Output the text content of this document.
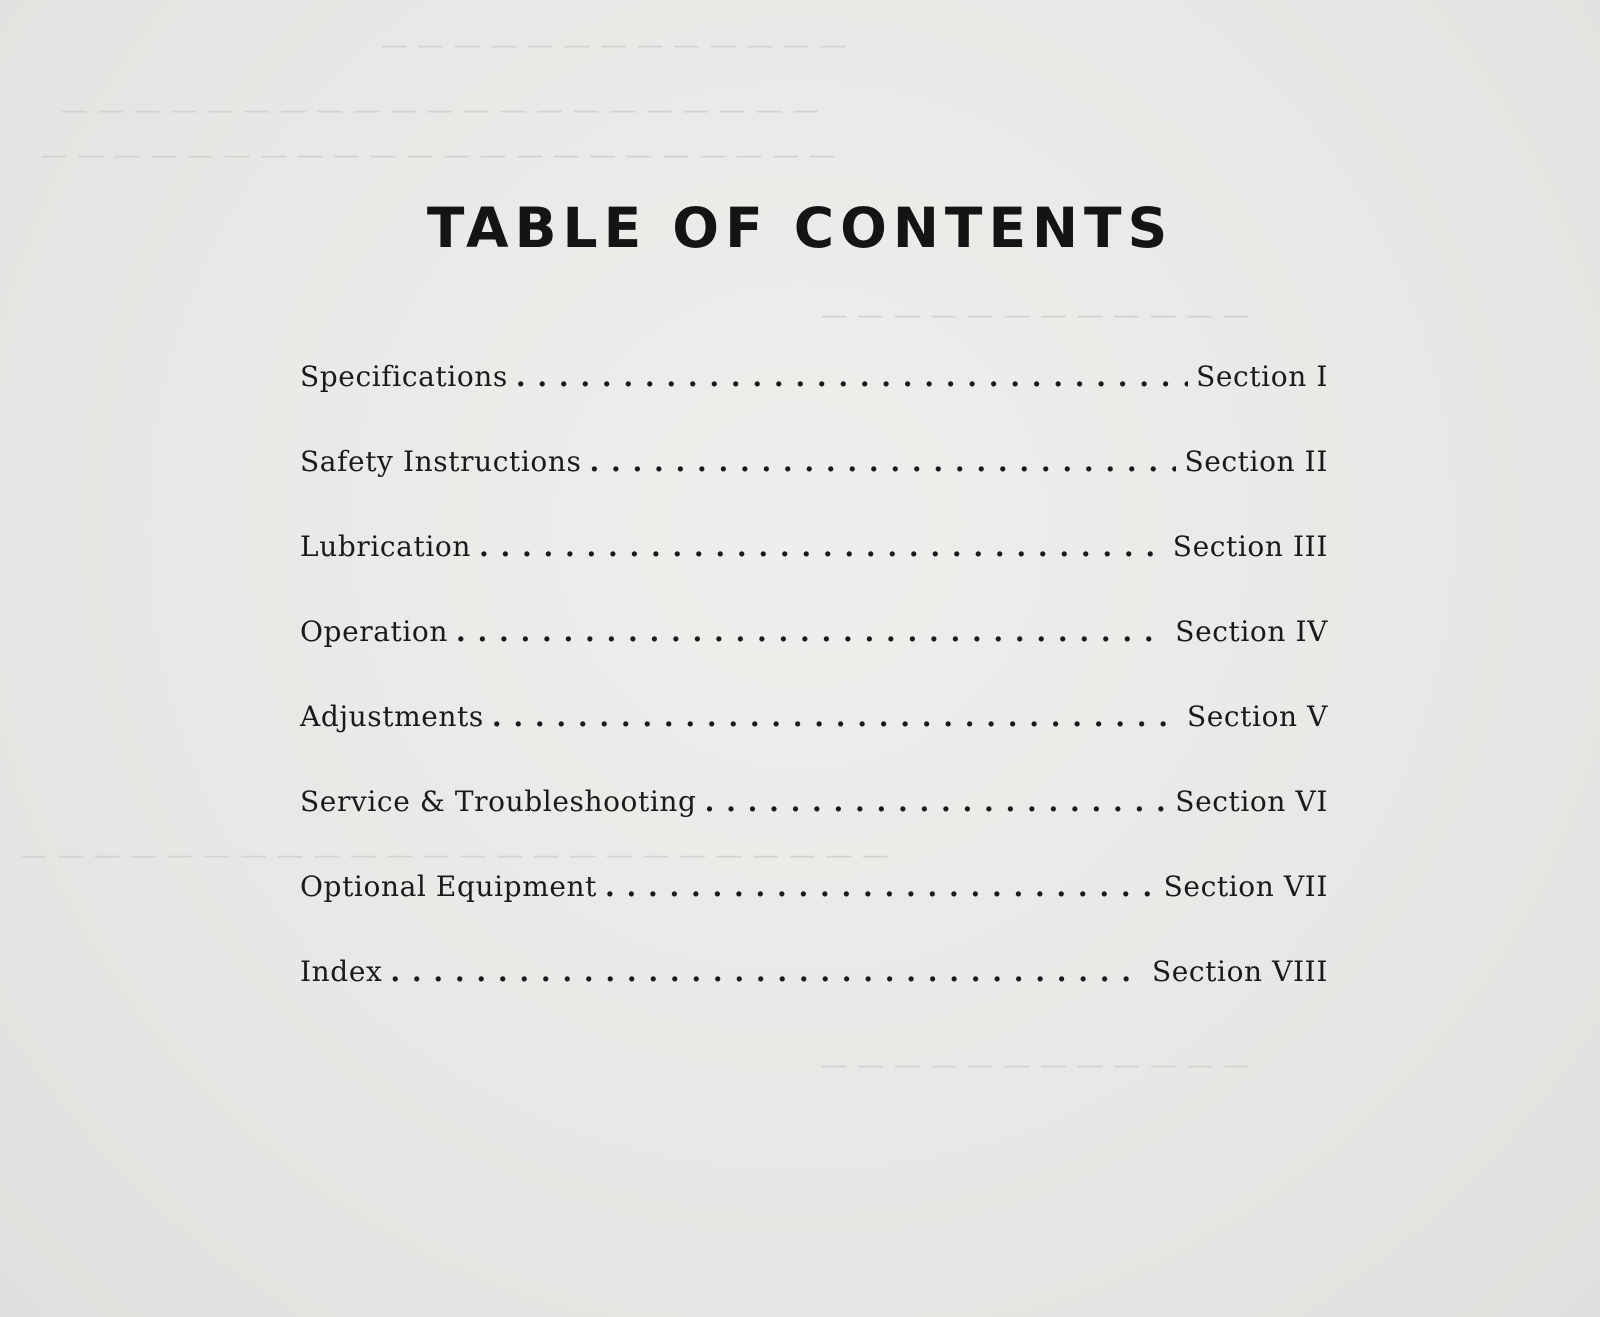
— — — — — — — — — — — — —
— — — — — — — — — — — — — — — — — — — — —
— — — — — — — — — — — — — — — — — — — — — —
— — — — — — — — — — — —
— — — — — — — — — — — — — — — — — — — — — — — —
— — — — — — — — — — — —
TABLE OF CONTENTS
Specifications . . .	Section I
Safety Instructions . . .	Section II
Lubrication . . .	Section III
Operation . . .	Section IV
Adjustments . . .	Section V
Service & Troubleshooting . . .	Section VI
Optional Equipment . . .	Section VII
Index . . .	Section VIII
